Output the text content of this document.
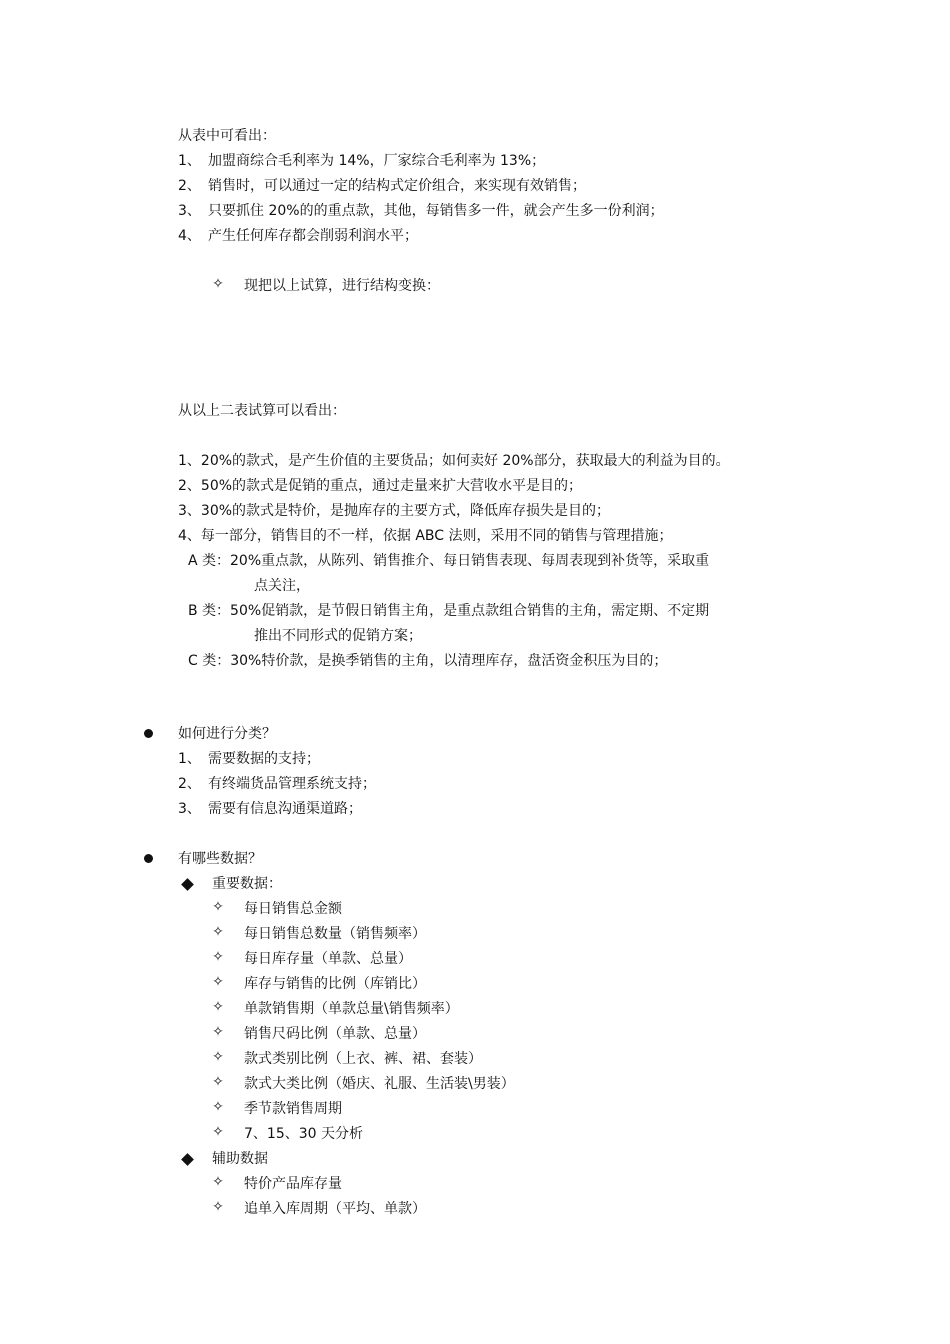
从表中可看出：
1、 加盟商综合毛利率为 14%，厂家综合毛利率为 13%；
2、 销售时，可以通过一定的结构式定价组合，来实现有效销售；
3、 只要抓住 20%的的重点款，其他，每销售多一件，就会产生多一份利润；
4、 产生任何库存都会削弱利润水平；
✧ 现把以上试算，进行结构变换：
从以上二表试算可以看出：
1、20%的款式，是产生价值的主要货品；如何卖好 20%部分，获取最大的利益为目的。
2、50%的款式是促销的重点，通过走量来扩大营收水平是目的；
3、30%的款式是特价，是抛库存的主要方式，降低库存损失是目的；
4、每一部分，销售目的不一样，依据 ABC 法则，采用不同的销售与管理措施；
A 类：20%重点款，从陈列、销售推介、每日销售表现、每周表现到补货等，采取重
点关注，
B 类：50%促销款，是节假日销售主角，是重点款组合销售的主角，需定期、不定期
推出不同形式的促销方案；
C 类：30%特价款，是换季销售的主角，以清理库存，盘活资金积压为目的；
如何进行分类？
1、 需要数据的支持；
2、 有终端货品管理系统支持；
3、 需要有信息沟通渠道路；
有哪些数据？
重要数据：
✧ 每日销售总金额
✧ 每日销售总数量（销售频率）
✧ 每日库存量（单款、总量）
✧ 库存与销售的比例（库销比）
✧ 单款销售期（单款总量\销售频率）
✧ 销售尺码比例（单款、总量）
✧ 款式类别比例（上衣、裤、裙、套装）
✧ 款式大类比例（婚庆、礼服、生活装\男装）
✧ 季节款销售周期
✧ 7、15、30 天分析
辅助数据
✧ 特价产品库存量
✧ 追单入库周期（平均、单款）
